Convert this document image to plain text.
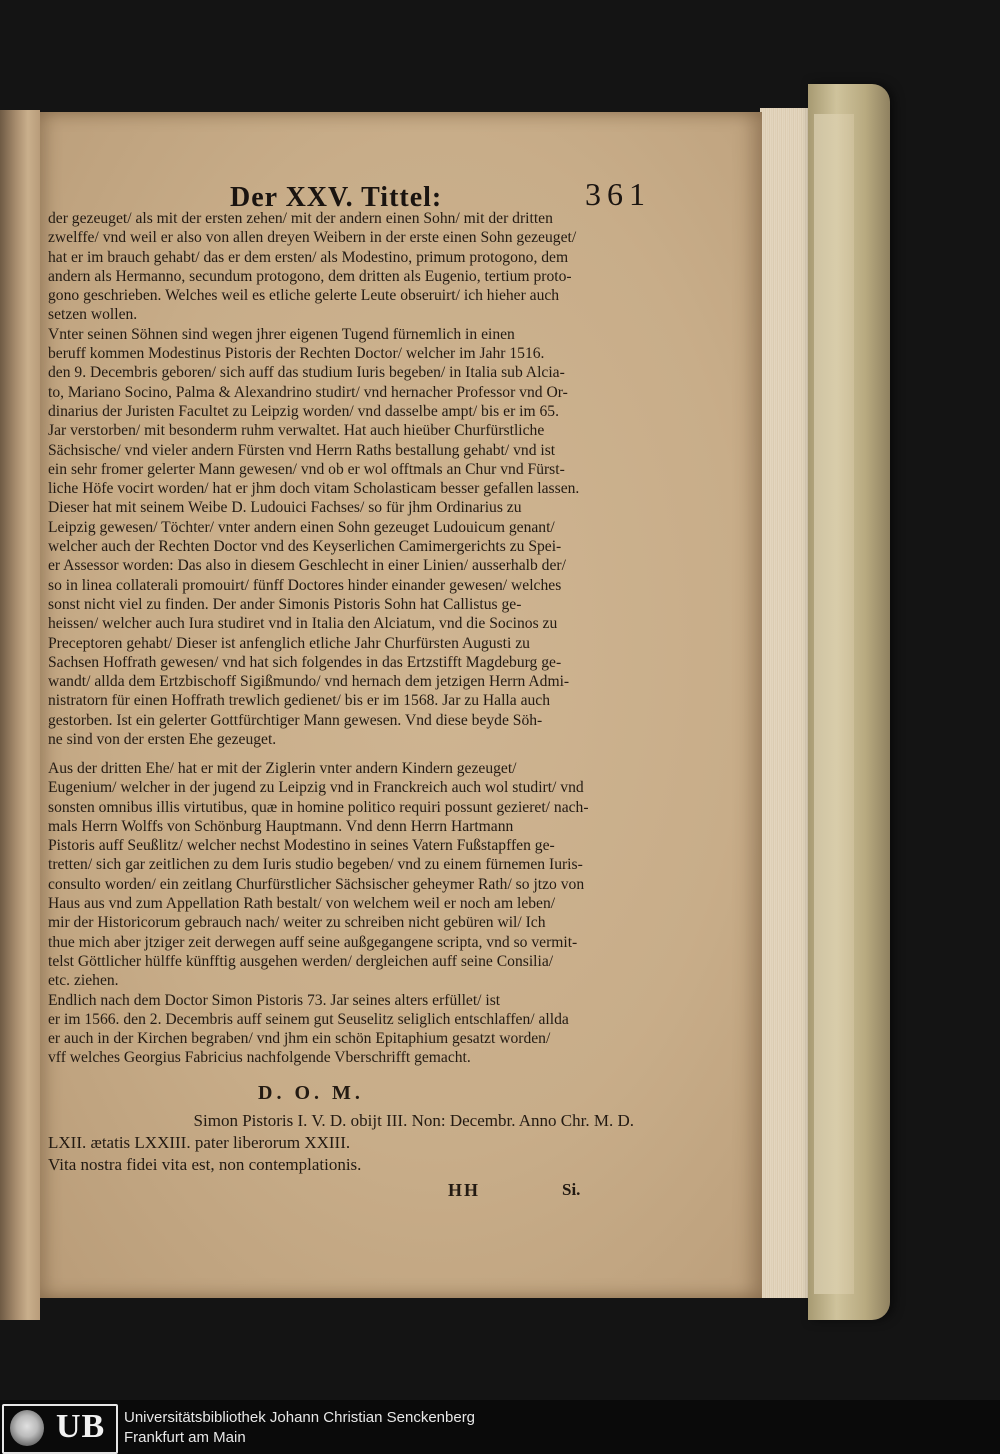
Der XXV. Tittel:	361
der gezeuget/ als mit der ersten zehen/ mit der andern einen Sohn/ mit der dritten
zwelffe/ vnd weil er also von allen dreyen Weibern in der erste einen Sohn gezeuget/
hat er im brauch gehabt/ das er dem ersten/ als Modestino, primum protogono, dem
andern als Hermanno, secundum protogono, dem dritten als Eugenio, tertium proto-
gono geschrieben. Welches weil es etliche gelerte Leute obseruirt/ ich hieher auch
setzen wollen.
Vnter seinen Söhnen sind wegen jhrer eigenen Tugend fürnemlich in einen
beruff kommen Modestinus Pistoris der Rechten Doctor/ welcher im Jahr 1516.
den 9. Decembris geboren/ sich auff das studium Iuris begeben/ in Italia sub Alcia-
to, Mariano Socino, Palma & Alexandrino studirt/ vnd hernacher Professor vnd Or-
dinarius der Juristen Facultet zu Leipzig worden/ vnd dasselbe ampt/ bis er im 65.
Jar verstorben/ mit besonderm ruhm verwaltet. Hat auch hieüber Churfürstliche
Sächsische/ vnd vieler andern Fürsten vnd Herrn Raths bestallung gehabt/ vnd ist
ein sehr fromer gelerter Mann gewesen/ vnd ob er wol offtmals an Chur vnd Fürst-
liche Höfe vocirt worden/ hat er jhm doch vitam Scholasticam besser gefallen lassen.
Dieser hat mit seinem Weibe D. Ludouici Fachses/ so für jhm Ordinarius zu
Leipzig gewesen/ Töchter/ vnter andern einen Sohn gezeuget Ludouicum genant/
welcher auch der Rechten Doctor vnd des Keyserlichen Camimergerichts zu Spei-
er Assessor worden: Das also in diesem Geschlecht in einer Linien/ ausserhalb der/
so in linea collaterali promouirt/ fünff Doctores hinder einander gewesen/ welches
sonst nicht viel zu finden. Der ander Simonis Pistoris Sohn hat Callistus ge-
heissen/ welcher auch Iura studiret vnd in Italia den Alciatum, vnd die Socinos zu
Preceptoren gehabt/ Dieser ist anfenglich etliche Jahr Churfürsten Augusti zu
Sachsen Hoffrath gewesen/ vnd hat sich folgendes in das Ertzstifft Magdeburg ge-
wandt/ allda dem Ertzbischoff Sigißmundo/ vnd hernach dem jetzigen Herrn Admi-
nistratorn für einen Hoffrath trewlich gedienet/ bis er im 1568. Jar zu Halla auch
gestorben. Ist ein gelerter Gottfürchtiger Mann gewesen. Vnd diese beyde Söh-
ne sind von der ersten Ehe gezeuget.
Aus der dritten Ehe/ hat er mit der Ziglerin vnter andern Kindern gezeuget/
Eugenium/ welcher in der jugend zu Leipzig vnd in Franckreich auch wol studirt/ vnd
sonsten omnibus illis virtutibus, quæ in homine politico requiri possunt gezieret/ nach-
mals Herrn Wolffs von Schönburg Hauptmann. Vnd denn Herrn Hartmann
Pistoris auff Seußlitz/ welcher nechst Modestino in seines Vatern Fußstapffen ge-
tretten/ sich gar zeitlichen zu dem Iuris studio begeben/ vnd zu einem fürnemen Iuris-
consulto worden/ ein zeitlang Churfürstlicher Sächsischer geheymer Rath/ so jtzo von
Haus aus vnd zum Appellation Rath bestalt/ von welchem weil er noch am leben/
mir der Historicorum gebrauch nach/ weiter zu schreiben nicht gebüren wil/ Ich
thue mich aber jtziger zeit derwegen auff seine außgegangene scripta, vnd so vermit-
telst Göttlicher hülffe künfftig ausgehen werden/ dergleichen auff seine Consilia/
etc. ziehen.
Endlich nach dem Doctor Simon Pistoris 73. Jar seines alters erfüllet/ ist
er im 1566. den 2. Decembris auff seinem gut Seuselitz seliglich entschlaffen/ allda
er auch in der Kirchen begraben/ vnd jhm ein schön Epitaphium gesatzt worden/
vff welches Georgius Fabricius nachfolgende Vberschrifft gemacht.
D. O. M.
Simon Pistoris I. V. D. obijt III. Non: Decembr. Anno Chr. M. D.
LXII. ætatis LXXIII. pater liberorum XXIII.
Vita nostra fidei vita est, non contemplationis.
HH	Si.
UB Universitätsbibliothek Johann Christian Senckenberg
Frankfurt am Main
